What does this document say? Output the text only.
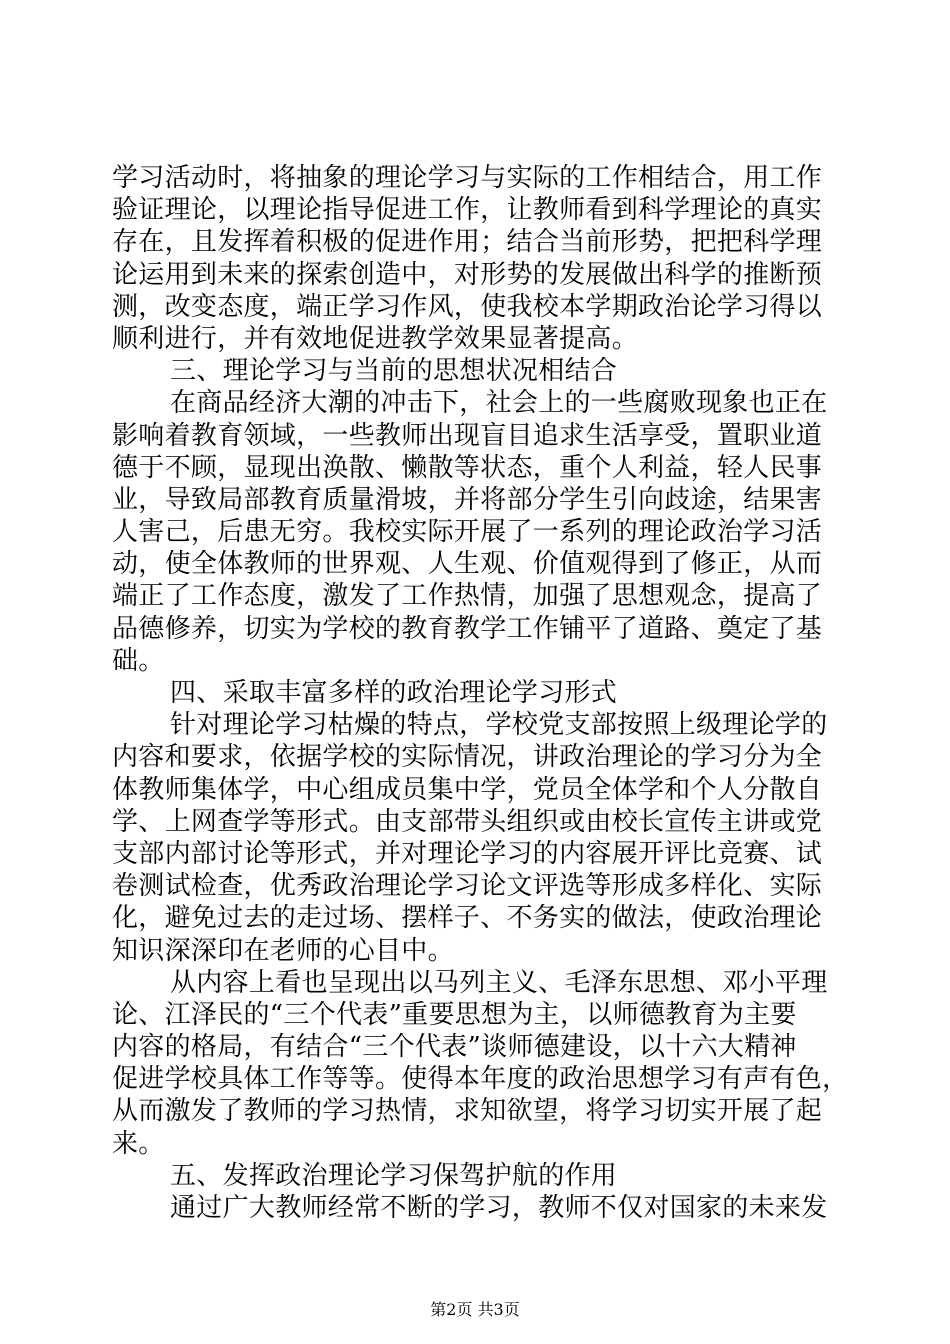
学习活动时，将抽象的理论学习与实际的工作相结合，用工作
验证理论，以理论指导促进工作，让教师看到科学理论的真实
存在，且发挥着积极的促进作用；结合当前形势，把把科学理
论运用到未来的探索创造中，对形势的发展做出科学的推断预
测，改变态度，端正学习作风，使我校本学期政治论学习得以
顺利进行，并有效地促进教学效果显著提高。
三、理论学习与当前的思想状况相结合
在商品经济大潮的冲击下，社会上的一些腐败现象也正在
影响着教育领域，一些教师出现盲目追求生活享受，置职业道
德于不顾，显现出涣散、懒散等状态，重个人利益，轻人民事
业，导致局部教育质量滑坡，并将部分学生引向歧途，结果害
人害己，后患无穷。我校实际开展了一系列的理论政治学习活
动，使全体教师的世界观、人生观、价值观得到了修正，从而
端正了工作态度，激发了工作热情，加强了思想观念，提高了
品德修养，切实为学校的教育教学工作铺平了道路、奠定了基
础。
四、采取丰富多样的政治理论学习形式
针对理论学习枯燥的特点，学校党支部按照上级理论学的
内容和要求，依据学校的实际情况，讲政治理论的学习分为全
体教师集体学，中心组成员集中学，党员全体学和个人分散自
学、上网查学等形式。由支部带头组织或由校长宣传主讲或党
支部内部讨论等形式，并对理论学习的内容展开评比竞赛、试
卷测试检查，优秀政治理论学习论文评选等形成多样化、实际
化，避免过去的走过场、摆样子、不务实的做法，使政治理论
知识深深印在老师的心目中。
从内容上看也呈现出以马列主义、毛泽东思想、邓小平理
论、江泽民的“三个代表”重要思想为主，以师德教育为主要
内容的格局，有结合“三个代表”谈师德建设，以十六大精神
促进学校具体工作等等。使得本年度的政治思想学习有声有色，
从而激发了教师的学习热情，求知欲望，将学习切实开展了起
来。
五、发挥政治理论学习保驾护航的作用
通过广大教师经常不断的学习，教师不仅对国家的未来发
第2页 共3页
